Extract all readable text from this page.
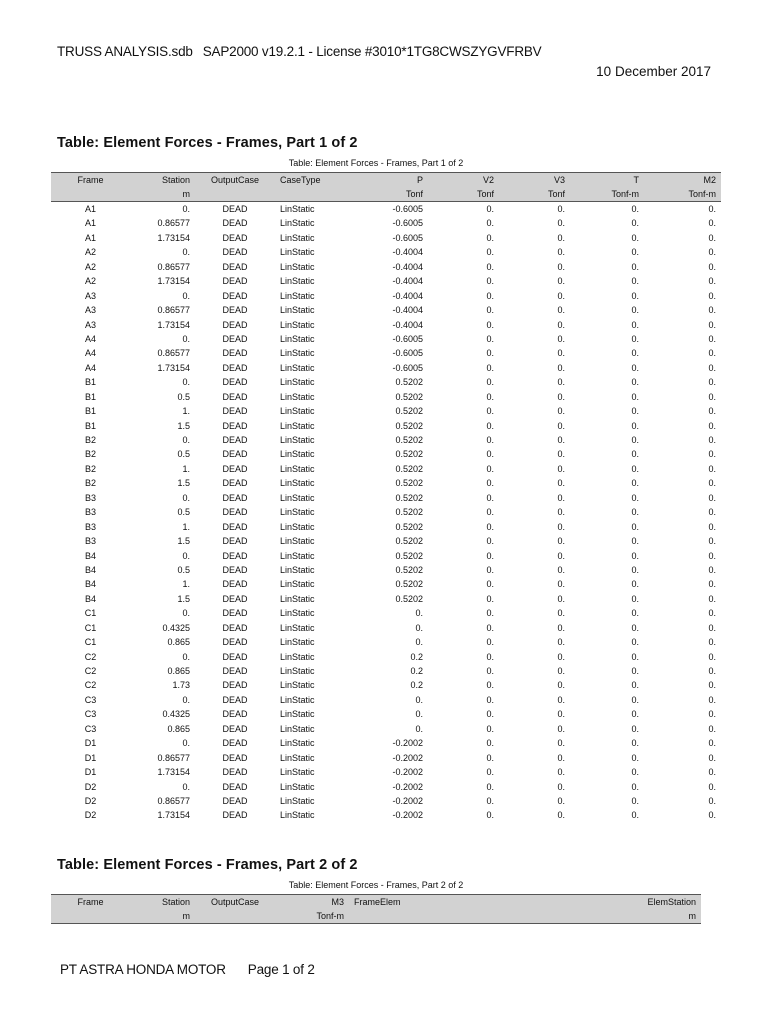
TRUSS ANALYSIS.sdb SAP2000 v19.2.1 - License #3010*1TG8CWSZYGVFRBV
10 December 2017
Table: Element Forces - Frames, Part 1 of 2
Table: Element Forces - Frames, Part 1 of 2
Frame	Station	OutputCase	CaseType	P	V2	V3	T	M2
	m			Tonf	Tonf	Tonf	Tonf-m	Tonf-m
A1	0.	DEAD	LinStatic	-0.6005	0.	0.	0.	0.
A1	0.86577	DEAD	LinStatic	-0.6005	0.	0.	0.	0.
A1	1.73154	DEAD	LinStatic	-0.6005	0.	0.	0.	0.
A2	0.	DEAD	LinStatic	-0.4004	0.	0.	0.	0.
A2	0.86577	DEAD	LinStatic	-0.4004	0.	0.	0.	0.
A2	1.73154	DEAD	LinStatic	-0.4004	0.	0.	0.	0.
A3	0.	DEAD	LinStatic	-0.4004	0.	0.	0.	0.
A3	0.86577	DEAD	LinStatic	-0.4004	0.	0.	0.	0.
A3	1.73154	DEAD	LinStatic	-0.4004	0.	0.	0.	0.
A4	0.	DEAD	LinStatic	-0.6005	0.	0.	0.	0.
A4	0.86577	DEAD	LinStatic	-0.6005	0.	0.	0.	0.
A4	1.73154	DEAD	LinStatic	-0.6005	0.	0.	0.	0.
B1	0.	DEAD	LinStatic	0.5202	0.	0.	0.	0.
B1	0.5	DEAD	LinStatic	0.5202	0.	0.	0.	0.
B1	1.	DEAD	LinStatic	0.5202	0.	0.	0.	0.
B1	1.5	DEAD	LinStatic	0.5202	0.	0.	0.	0.
B2	0.	DEAD	LinStatic	0.5202	0.	0.	0.	0.
B2	0.5	DEAD	LinStatic	0.5202	0.	0.	0.	0.
B2	1.	DEAD	LinStatic	0.5202	0.	0.	0.	0.
B2	1.5	DEAD	LinStatic	0.5202	0.	0.	0.	0.
B3	0.	DEAD	LinStatic	0.5202	0.	0.	0.	0.
B3	0.5	DEAD	LinStatic	0.5202	0.	0.	0.	0.
B3	1.	DEAD	LinStatic	0.5202	0.	0.	0.	0.
B3	1.5	DEAD	LinStatic	0.5202	0.	0.	0.	0.
B4	0.	DEAD	LinStatic	0.5202	0.	0.	0.	0.
B4	0.5	DEAD	LinStatic	0.5202	0.	0.	0.	0.
B4	1.	DEAD	LinStatic	0.5202	0.	0.	0.	0.
B4	1.5	DEAD	LinStatic	0.5202	0.	0.	0.	0.
C1	0.	DEAD	LinStatic	0.	0.	0.	0.	0.
C1	0.4325	DEAD	LinStatic	0.	0.	0.	0.	0.
C1	0.865	DEAD	LinStatic	0.	0.	0.	0.	0.
C2	0.	DEAD	LinStatic	0.2	0.	0.	0.	0.
C2	0.865	DEAD	LinStatic	0.2	0.	0.	0.	0.
C2	1.73	DEAD	LinStatic	0.2	0.	0.	0.	0.
C3	0.	DEAD	LinStatic	0.	0.	0.	0.	0.
C3	0.4325	DEAD	LinStatic	0.	0.	0.	0.	0.
C3	0.865	DEAD	LinStatic	0.	0.	0.	0.	0.
D1	0.	DEAD	LinStatic	-0.2002	0.	0.	0.	0.
D1	0.86577	DEAD	LinStatic	-0.2002	0.	0.	0.	0.
D1	1.73154	DEAD	LinStatic	-0.2002	0.	0.	0.	0.
D2	0.	DEAD	LinStatic	-0.2002	0.	0.	0.	0.
D2	0.86577	DEAD	LinStatic	-0.2002	0.	0.	0.	0.
D2	1.73154	DEAD	LinStatic	-0.2002	0.	0.	0.	0.
Table: Element Forces - Frames, Part 2 of 2
Table: Element Forces - Frames, Part 2 of 2
Frame	Station	OutputCase	M3	FrameElem	ElemStation
	m		Tonf-m		m
PT ASTRA HONDA MOTOR Page 1 of 2
